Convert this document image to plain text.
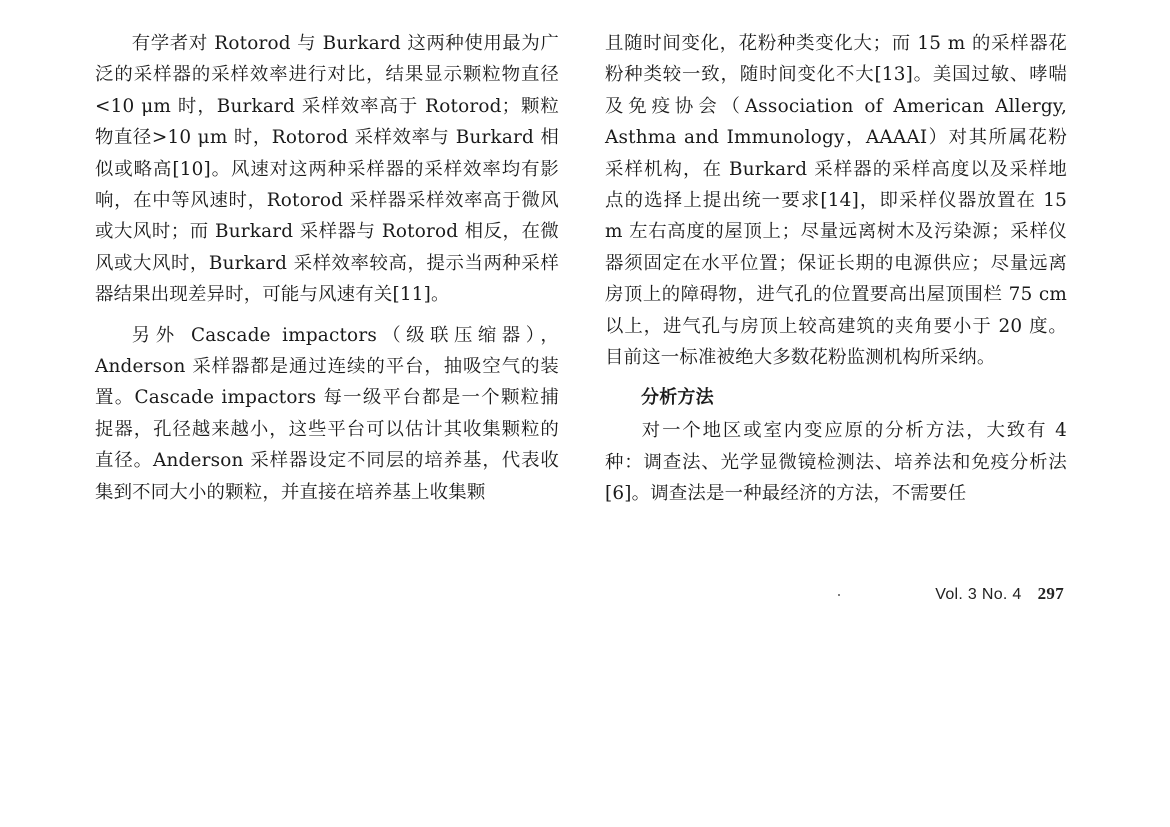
有学者对 Rotorod 与 Burkard 这两种使用最为广泛的采样器的采样效率进行对比，结果显示颗粒物直径<10 μm 时，Burkard 采样效率高于 Rotorod；颗粒物直径>10 μm 时，Rotorod 采样效率与 Burkard 相似或略高[10]。风速对这两种采样器的采样效率均有影响，在中等风速时，Rotorod 采样器采样效率高于微风或大风时；而 Burkard 采样器与 Rotorod 相反，在微风或大风时，Burkard 采样效率较高，提示当两种采样器结果出现差异时，可能与风速有关[11]。

另外 Cascade impactors（级联压缩器），Anderson 采样器都是通过连续的平台，抽吸空气的装置。Cascade impactors 每一级平台都是一个颗粒捕捉器，孔径越来越小，这些平台可以估计其收集颗粒的直径。Anderson 采样器设定不同层的培养基，代表收集到不同大小的颗粒，并直接在培养基上收集颗

且随时间变化，花粉种类变化大；而 15 m 的采样器花粉种类较一致，随时间变化不大[13]。美国过敏、哮喘及免疫协会（Association of American Allergy, Asthma and Immunology，AAAAI）对其所属花粉采样机构，在 Burkard 采样器的采样高度以及采样地点的选择上提出统一要求[14]，即采样仪器放置在 15 m 左右高度的屋顶上；尽量远离树木及污染源；采样仪器须固定在水平位置；保证长期的电源供应；尽量远离房顶上的障碍物，进气孔的位置要高出屋顶围栏 75 cm 以上，进气孔与房顶上较高建筑的夹角要小于 20 度。目前这一标准被绝大多数花粉监测机构所采纳。

分析方法

对一个地区或室内变应原的分析方法，大致有 4 种：调查法、光学显微镜检测法、培养法和免疫分析法[6]。调查法是一种最经济的方法，不需要任

Vol. 3 No. 4 297
